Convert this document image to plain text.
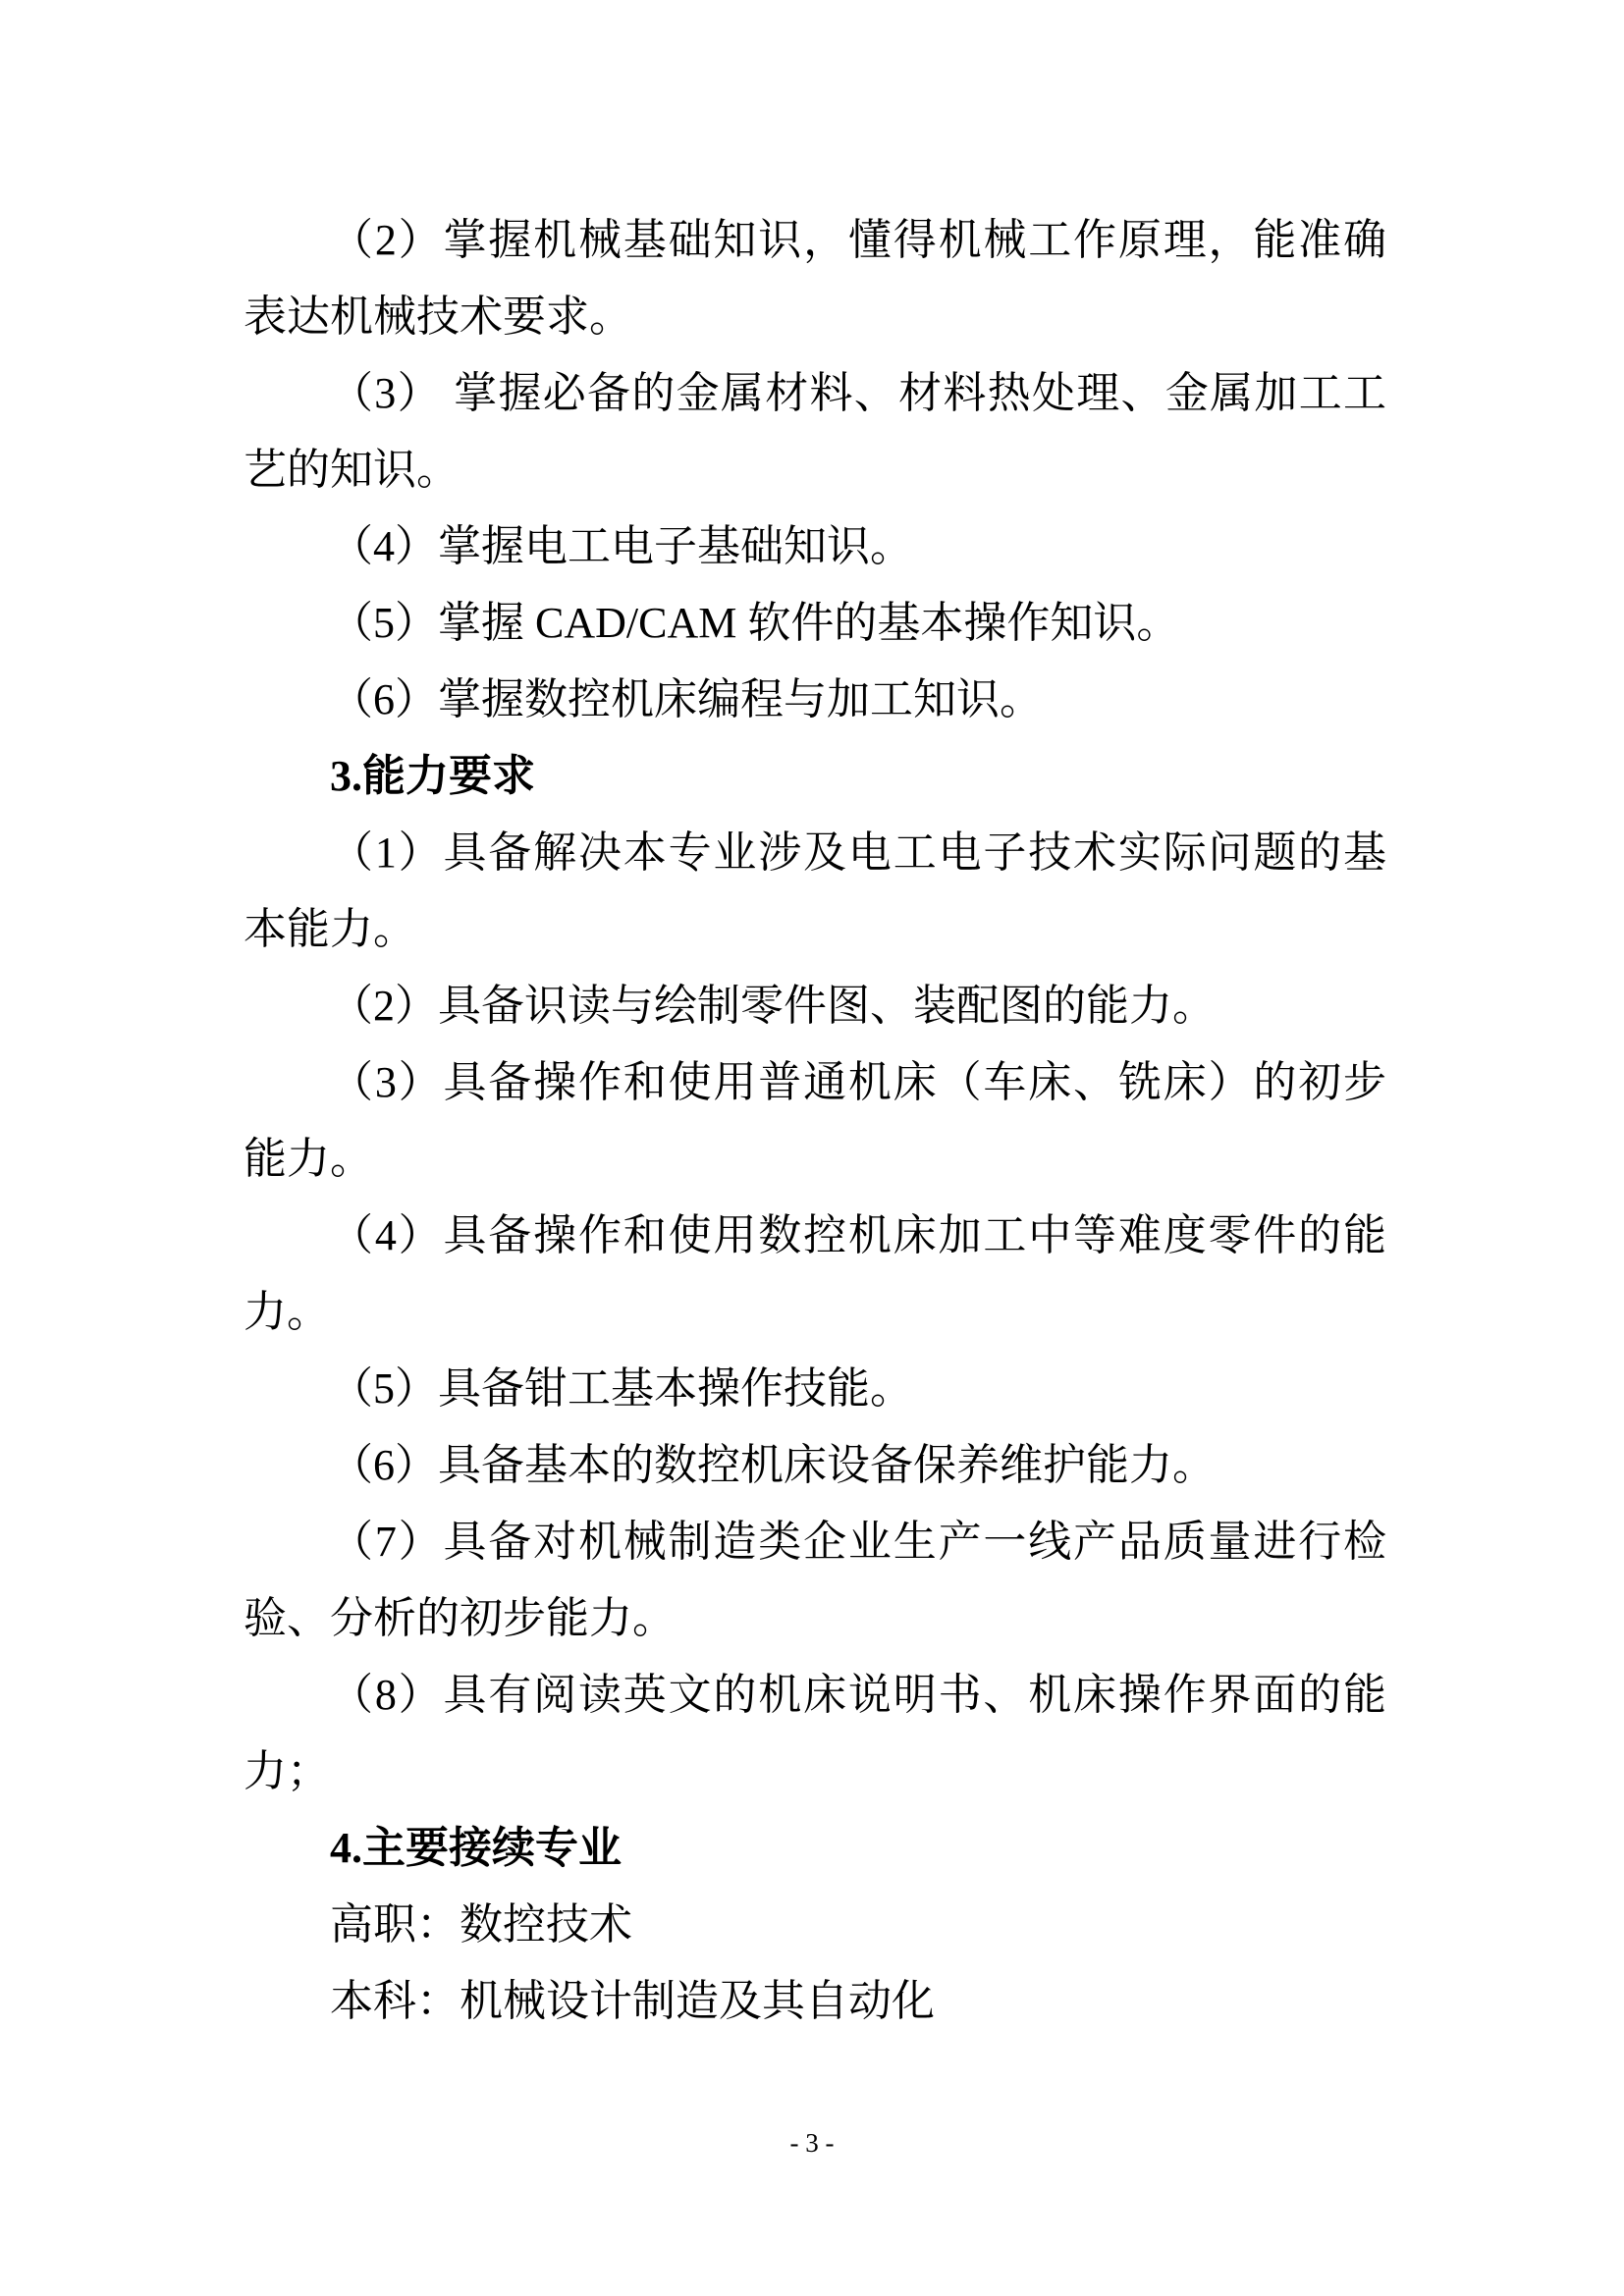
（2）掌握机械基础知识，懂得机械工作原理，能准确
表达机械技术要求。
（3） 掌握必备的金属材料、材料热处理、金属加工工
艺的知识。
（4）掌握电工电子基础知识。
（5）掌握 CAD/CAM 软件的基本操作知识。
（6）掌握数控机床编程与加工知识。
3.能力要求
（1）具备解决本专业涉及电工电子技术实际问题的基
本能力。
（2）具备识读与绘制零件图、装配图的能力。
（3）具备操作和使用普通机床（车床、铣床）的初步
能力。
（4）具备操作和使用数控机床加工中等难度零件的能
力。
（5）具备钳工基本操作技能。
（6）具备基本的数控机床设备保养维护能力。
（7）具备对机械制造类企业生产一线产品质量进行检
验、分析的初步能力。
（8）具有阅读英文的机床说明书、机床操作界面的能
力；
4.主要接续专业
高职：数控技术
本科：机械设计制造及其自动化
- 3 -
